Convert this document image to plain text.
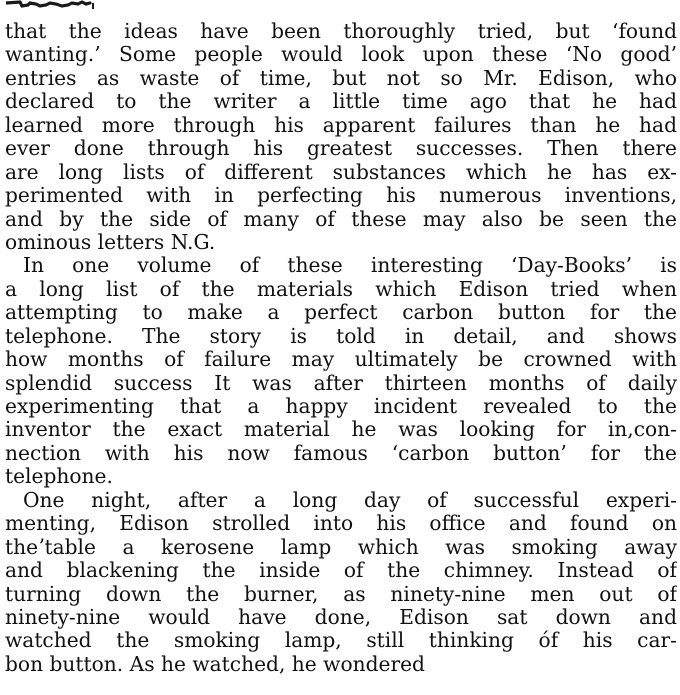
that the ideas have been thoroughly tried, but ‘found
wanting.’ Some people would look upon these ‘No good’
entries as waste of time, but not so Mr. Edison, who
declared to the writer a little time ago that he had
learned more through his apparent failures than he had
ever done through his greatest successes. Then there
are long lists of different substances which he has ex-
perimented with in perfecting his numerous inventions,
and by the side of many of these may also be seen the
ominous letters N.G.
In one volume of these interesting ‘Day-Books’ is
a long list of the materials which Edison tried when
attempting to make a perfect carbon button for the
telephone. The story is told in detail, and shows
how months of failure may ultimately be crowned with
splendid success It was after thirteen months of daily
experimenting that a happy incident revealed to the
inventor the exact material he was looking for in,con-
nection with his now famous ‘carbon button’ for the
telephone.
One night, after a long day of successful experi-
menting, Edison strolled into his office and found on
theʼtable a kerosene lamp which was smoking away
and blackening the inside of the chimney. Instead of
turning down the burner, as ninety-nine men out of
ninety-nine would have done, Edison sat down and
watched the smoking lamp, still thinking óf his car-
bon button. As he watched, he wondered
